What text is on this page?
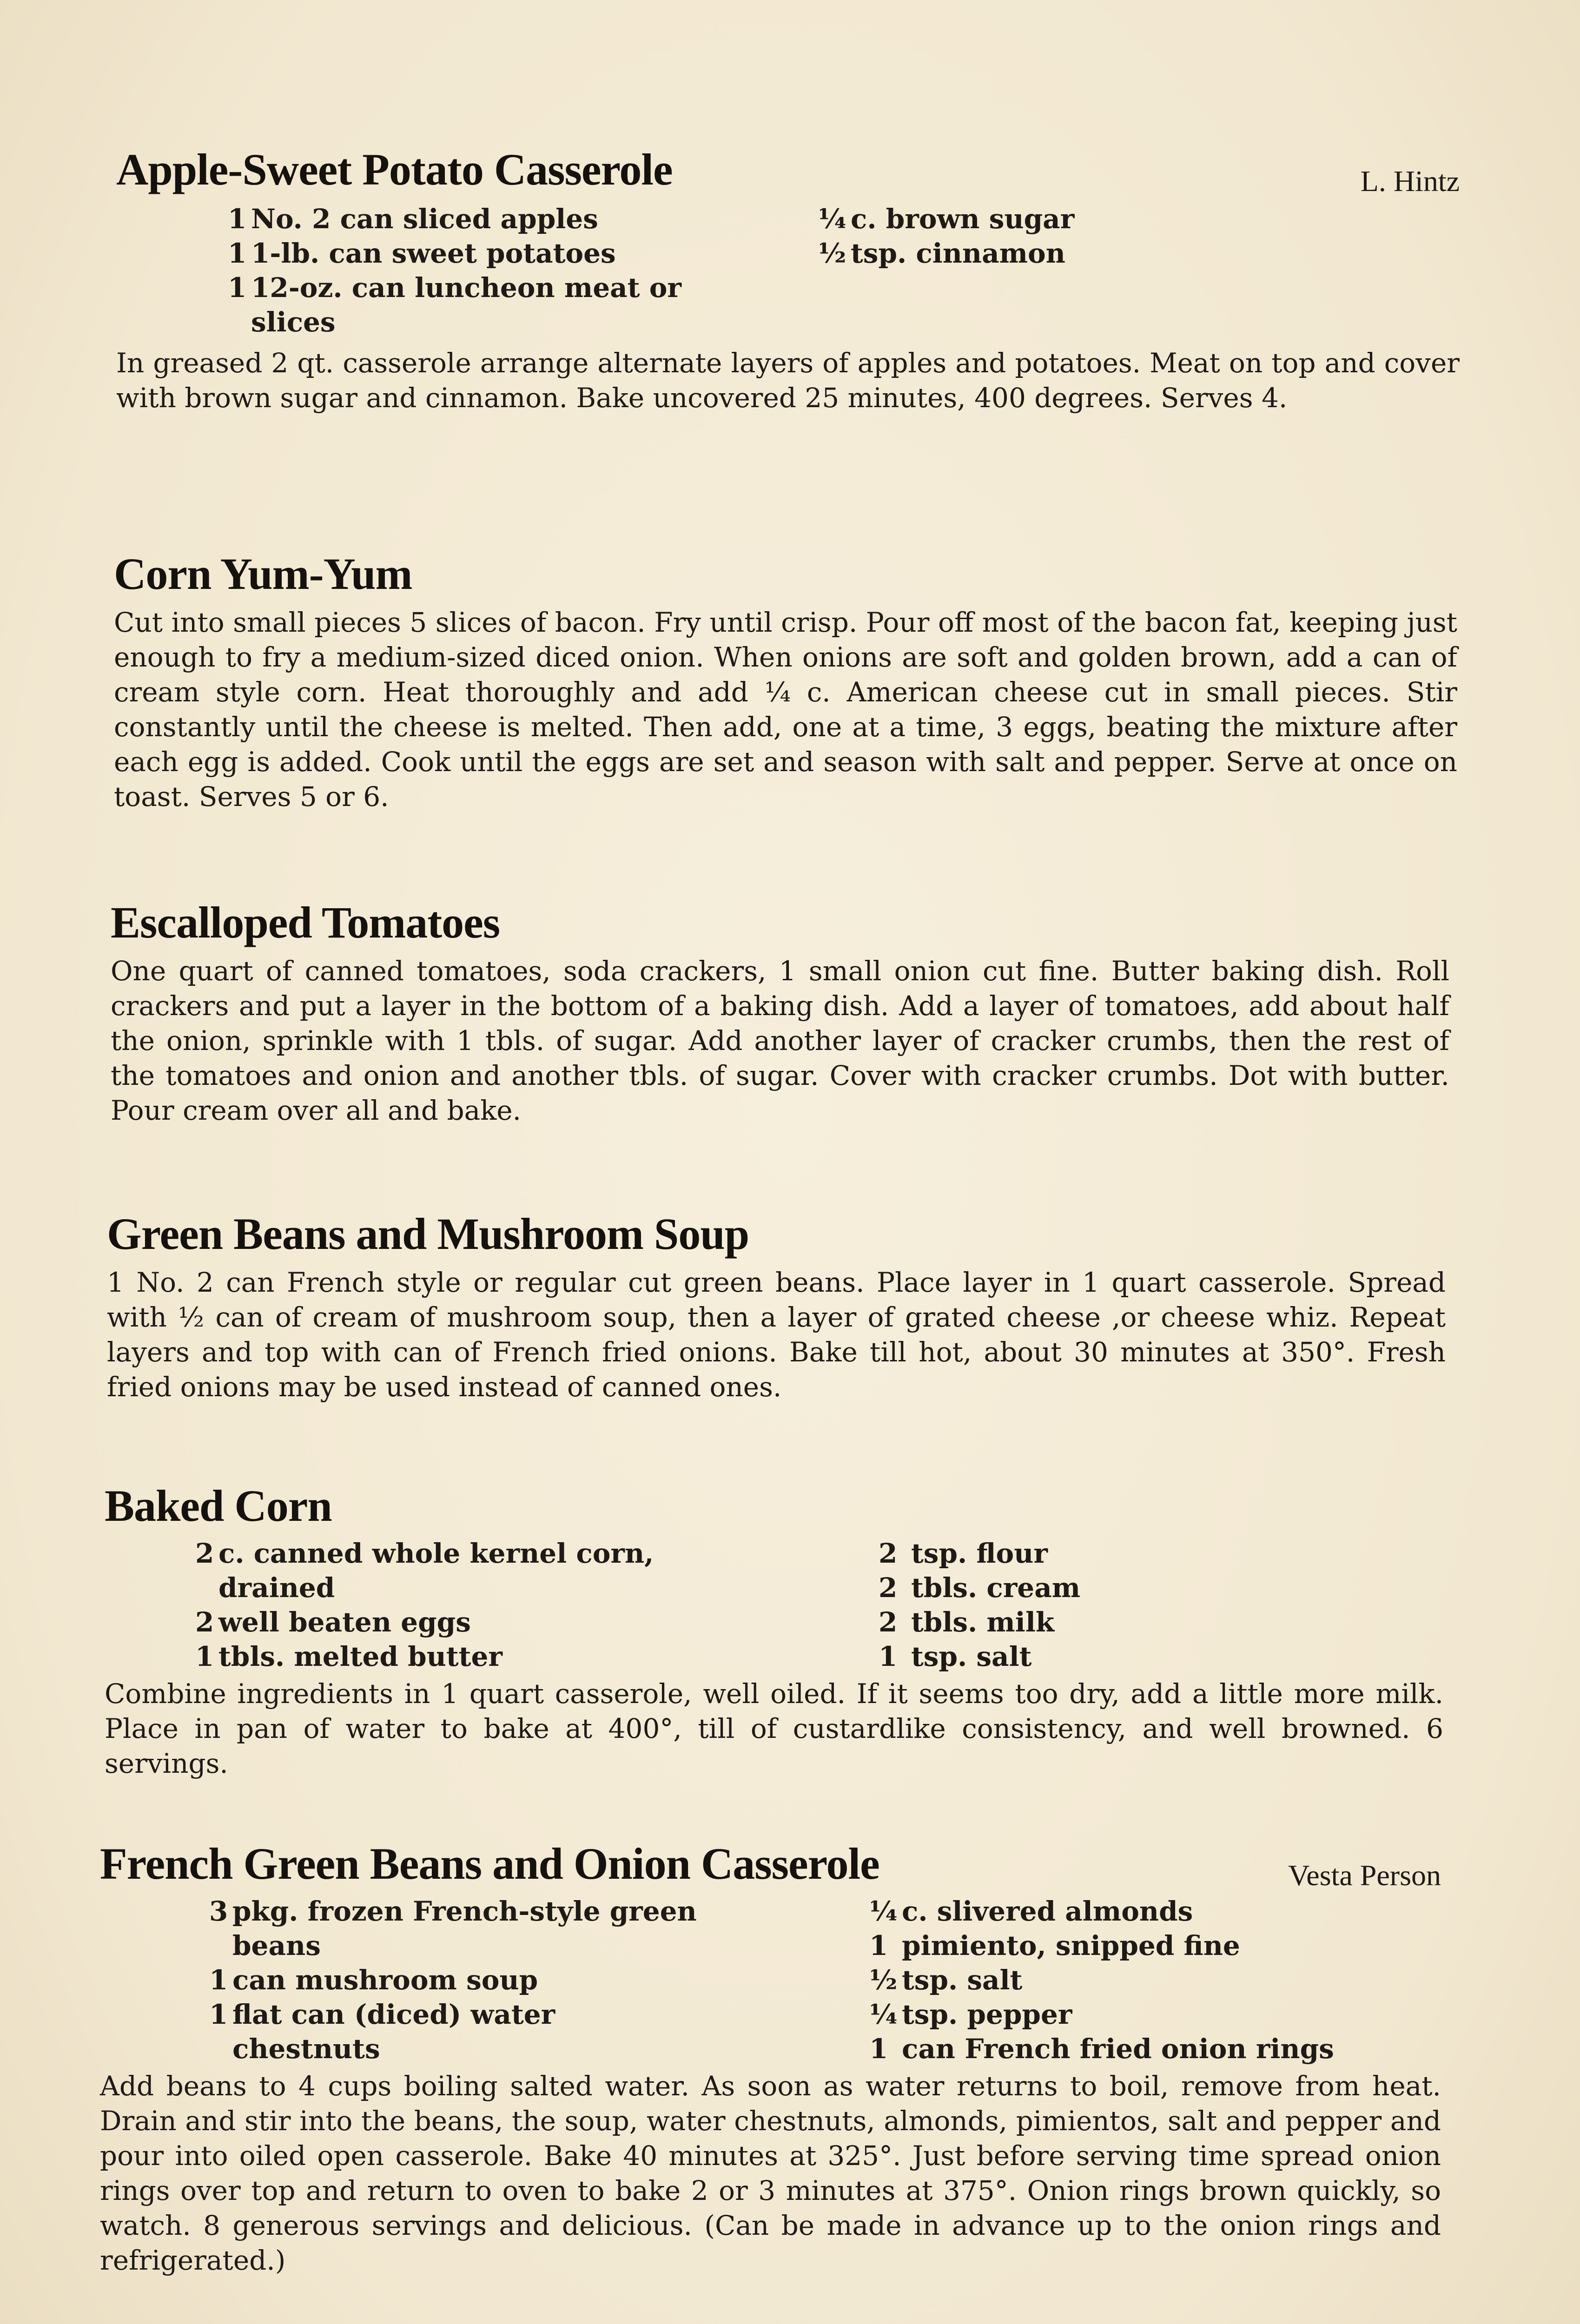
Apple-Sweet Potato Casserole	L. Hintz
1 No. 2 can sliced apples
1 1-lb. can sweet potatoes
1 12-oz. can luncheon meat or slices
¼ c. brown sugar
½ tsp. cinnamon

In greased 2 qt. casserole arrange alternate layers of apples and potatoes. Meat on top and cover with brown sugar and cinnamon. Bake uncovered 25 minutes, 400 degrees. Serves 4.

Corn Yum-Yum

Cut into small pieces 5 slices of bacon. Fry until crisp. Pour off most of the bacon fat, keeping just enough to fry a medium-sized diced onion. When onions are soft and golden brown, add a can of cream style corn. Heat thoroughly and add ¼ c. American cheese cut in small pieces. Stir constantly until the cheese is melted. Then add, one at a time, 3 eggs, beating the mixture after each egg is added. Cook until the eggs are set and season with salt and pepper. Serve at once on toast. Serves 5 or 6.

Escalloped Tomatoes

One quart of canned tomatoes, soda crackers, 1 small onion cut fine. Butter baking dish. Roll crackers and put a layer in the bottom of a baking dish. Add a layer of tomatoes, add about half the onion, sprinkle with 1 tbls. of sugar. Add another layer of cracker crumbs, then the rest of the tomatoes and onion and another tbls. of sugar. Cover with cracker crumbs. Dot with butter. Pour cream over all and bake.

Green Beans and Mushroom Soup

1 No. 2 can French style or regular cut green beans. Place layer in 1 quart casserole. Spread with ½ can of cream of mushroom soup, then a layer of grated cheese ,or cheese whiz. Repeat layers and top with can of French fried onions. Bake till hot, about 30 minutes at 350°. Fresh fried onions may be used instead of canned ones.

Baked Corn
2 c. canned whole kernel corn, drained
2 well beaten eggs
1 tbls. melted butter
2 tsp. flour
2 tbls. cream
2 tbls. milk
1 tsp. salt

Combine ingredients in 1 quart casserole, well oiled. If it seems too dry, add a little more milk. Place in pan of water to bake at 400°, till of custardlike consistency, and well browned. 6 servings.

French Green Beans and Onion Casserole	Vesta Person
3 pkg. frozen French-style green beans
1 can mushroom soup
1 flat can (diced) water chestnuts
¼ c. slivered almonds
1 pimiento, snipped fine
½ tsp. salt
¼ tsp. pepper
1 can French fried onion rings

Add beans to 4 cups boiling salted water. As soon as water returns to boil, remove from heat. Drain and stir into the beans, the soup, water chestnuts, almonds, pimientos, salt and pepper and pour into oiled open casserole. Bake 40 minutes at 325°. Just before serving time spread onion rings over top and return to oven to bake 2 or 3 minutes at 375°. Onion rings brown quickly, so watch. 8 generous servings and delicious. (Can be made in advance up to the onion rings and refrigerated.)
